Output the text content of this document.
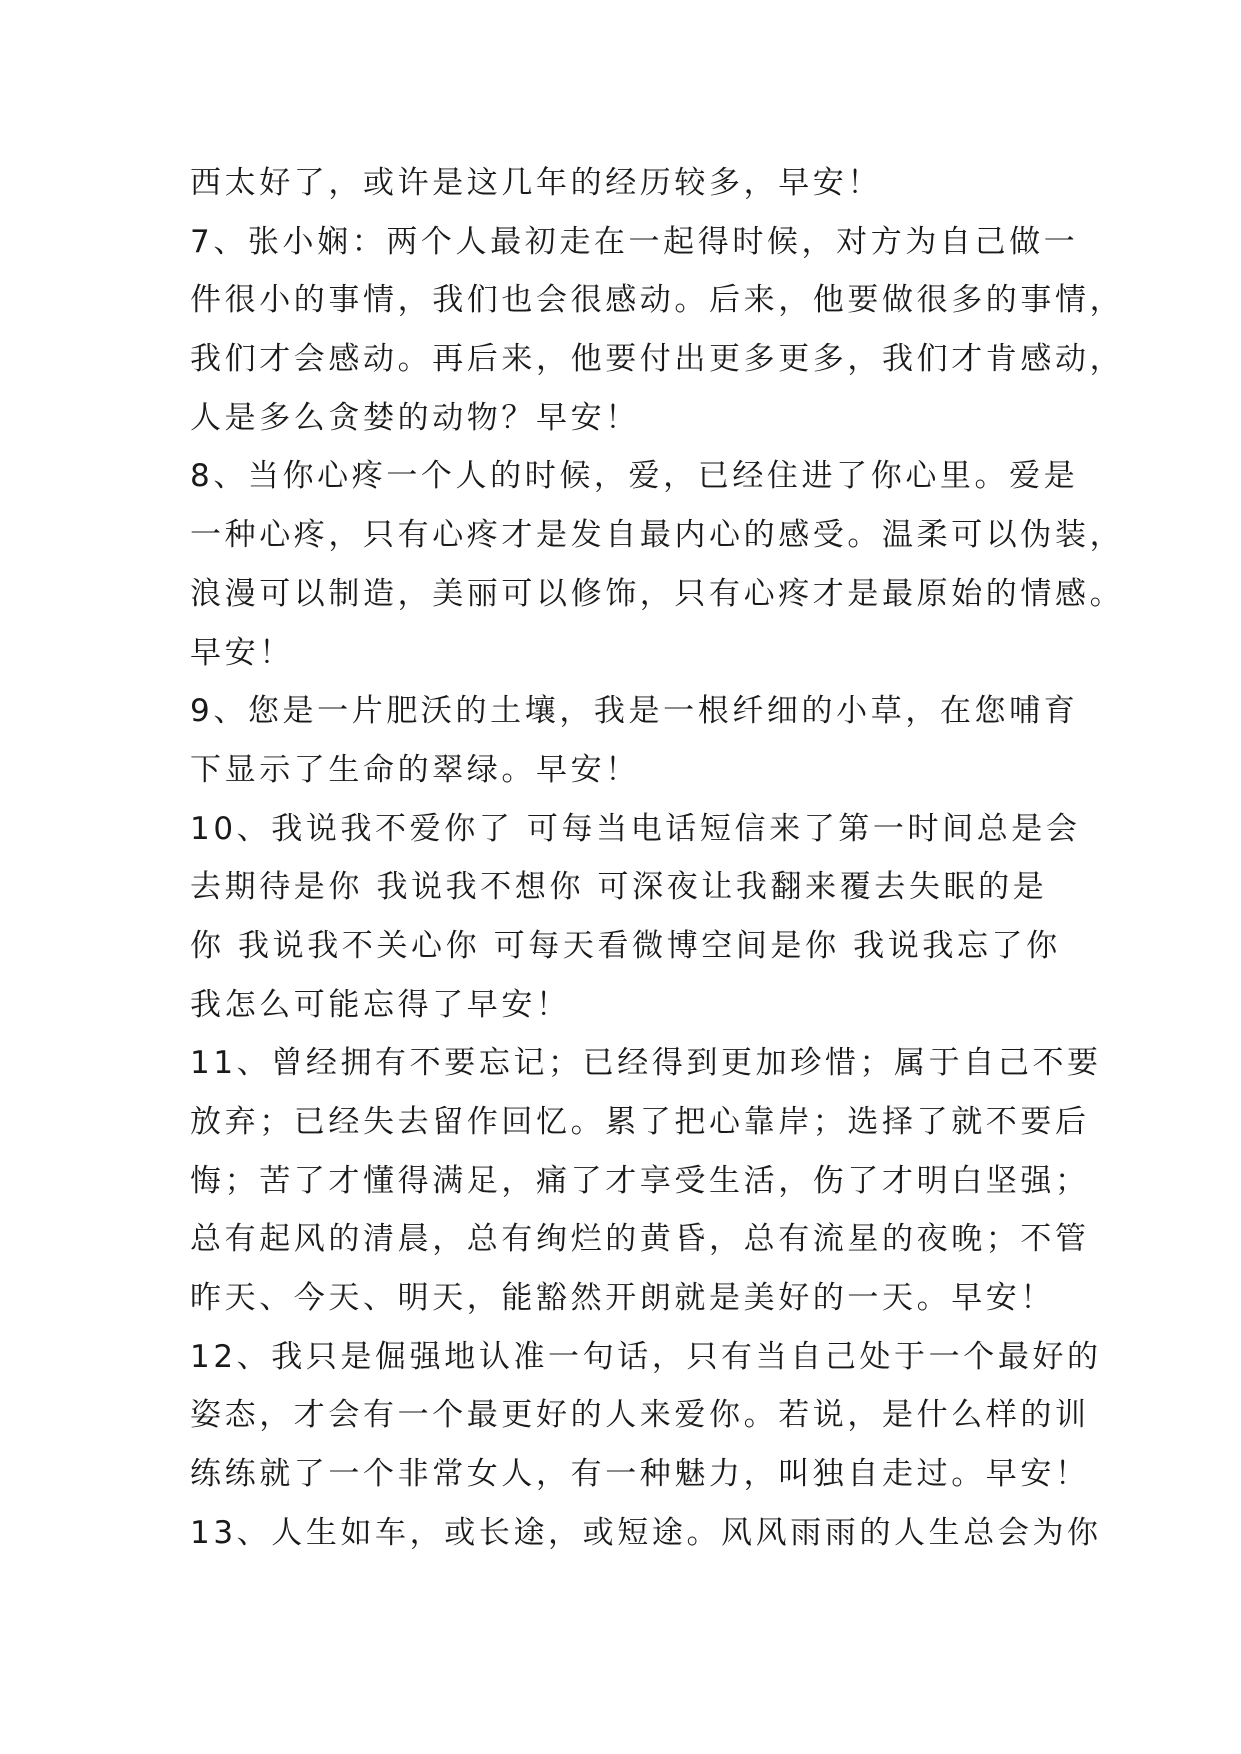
西太好了，或许是这几年的经历较多，早安！
7、张小娴：两个人最初走在一起得时候，对方为自己做一
件很小的事情，我们也会很感动。后来，他要做很多的事情，
我们才会感动。再后来，他要付出更多更多，我们才肯感动，
人是多么贪婪的动物？早安！
8、当你心疼一个人的时候，爱，已经住进了你心里。爱是
一种心疼，只有心疼才是发自最内心的感受。温柔可以伪装，
浪漫可以制造，美丽可以修饰，只有心疼才是最原始的情感。
早安！
9、您是一片肥沃的土壤，我是一根纤细的小草，在您哺育
下显示了生命的翠绿。早安！
10、我说我不爱你了 可每当电话短信来了第一时间总是会
去期待是你 我说我不想你 可深夜让我翻来覆去失眠的是
你 我说我不关心你 可每天看微博空间是你 我说我忘了你
我怎么可能忘得了早安！
11、曾经拥有不要忘记；已经得到更加珍惜；属于自己不要
放弃；已经失去留作回忆。累了把心靠岸；选择了就不要后
悔；苦了才懂得满足，痛了才享受生活，伤了才明白坚强；
总有起风的清晨，总有绚烂的黄昏，总有流星的夜晚；不管
昨天、今天、明天，能豁然开朗就是美好的一天。早安！
12、我只是倔强地认准一句话，只有当自己处于一个最好的
姿态，才会有一个最更好的人来爱你。若说，是什么样的训
练练就了一个非常女人，有一种魅力，叫独自走过。早安！
13、人生如车，或长途，或短途。风风雨雨的人生总会为你
